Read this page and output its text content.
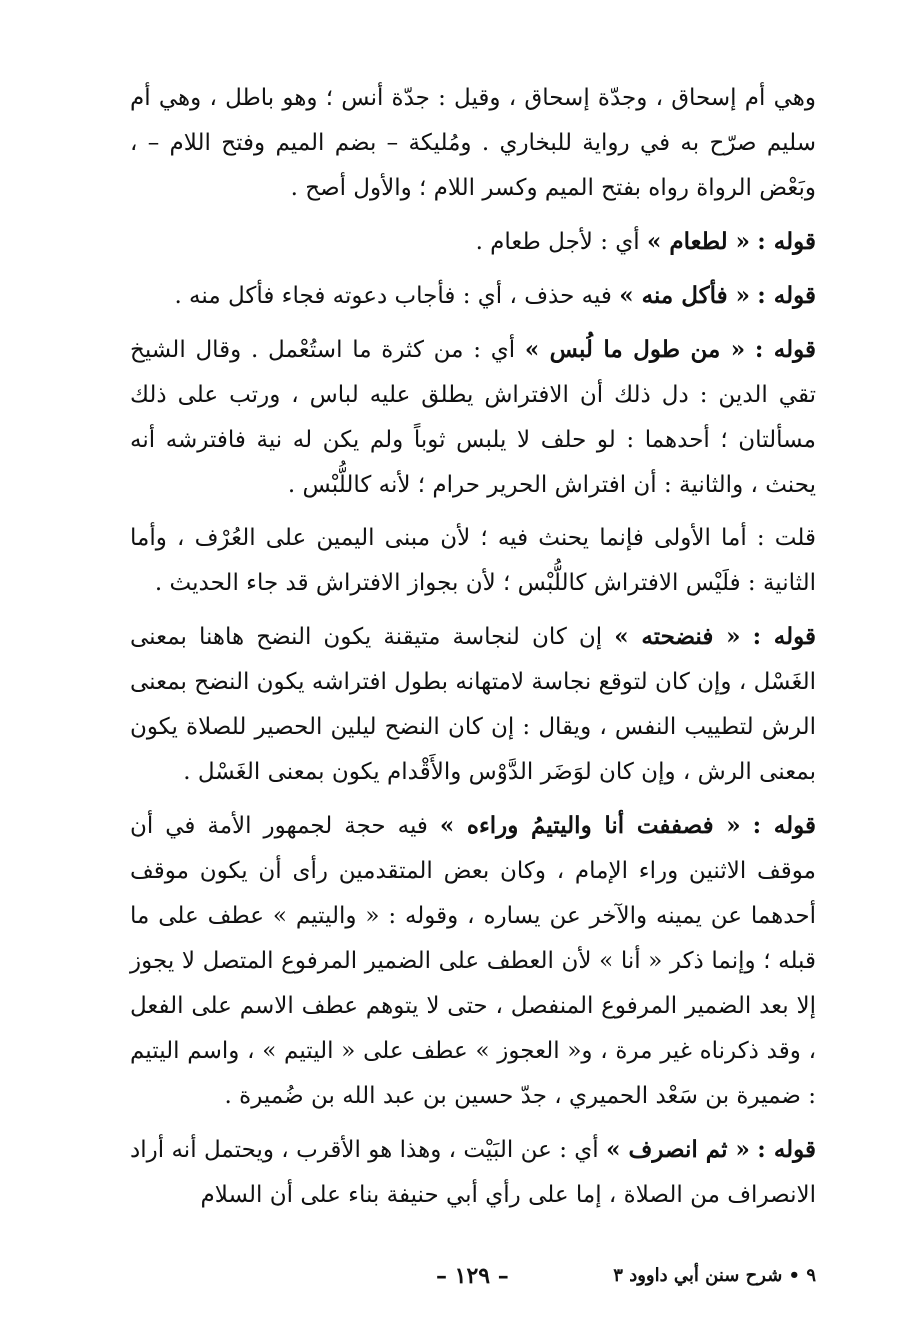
وهي أم إسحاق ، وجدّة إسحاق ، وقيل : جدّة أنس ؛ وهو باطل ، وهي أم سليم صرّح به في رواية للبخاري . ومُليكة – بضم الميم وفتح اللام – ، وبَعْض الرواة رواه بفتح الميم وكسر اللام ؛ والأول أصح .

قوله : « لطعام » أي : لأجل طعام .

قوله : « فأكل منه » فيه حذف ، أي : فأجاب دعوته فجاء فأكل منه .

قوله : « من طول ما لُبس » أي : من كثرة ما استُعْمل . وقال الشيخ تقي الدين : دل ذلك أن الافتراش يطلق عليه لباس ، ورتب على ذلك مسألتان ؛ أحدهما : لو حلف لا يلبس ثوباً ولم يكن له نية فافترشه أنه يحنث ، والثانية : أن افتراش الحرير حرام ؛ لأنه كاللُّبْس .

قلت : أما الأولى فإنما يحنث فيه ؛ لأن مبنى اليمين على العُرْف ، وأما الثانية : فلَيْس الافتراش كاللُّبْس ؛ لأن بجواز الافتراش قد جاء الحديث .

قوله : « فنضحته » إن كان لنجاسة متيقنة يكون النضح هاهنا بمعنى الغَسْل ، وإن كان لتوقع نجاسة لامتهانه بطول افتراشه يكون النضح بمعنى الرش لتطييب النفس ، ويقال : إن كان النضح ليلين الحصير للصلاة يكون بمعنى الرش ، وإن كان لوَضَر الدَّوْس والأَقْدام يكون بمعنى الغَسْل .

قوله : « فصففت أنا واليتيمُ وراءه » فيه حجة لجمهور الأمة في أن موقف الاثنين وراء الإمام ، وكان بعض المتقدمين رأى أن يكون موقف أحدهما عن يمينه والآخر عن يساره ، وقوله : « واليتيم » عطف على ما قبله ؛ وإنما ذكر « أنا » لأن العطف على الضمير المرفوع المتصل لا يجوز إلا بعد الضمير المرفوع المنفصل ، حتى لا يتوهم عطف الاسم على الفعل ، وقد ذكرناه غير مرة ، و« العجوز » عطف على « اليتيم » ، واسم اليتيم : ضميرة بن سَعْد الحميري ، جدّ حسين بن عبد الله بن ضُميرة .

قوله : « ثم انصرف » أي : عن البَيْت ، وهذا هو الأقرب ، ويحتمل أنه أراد الانصراف من الصلاة ، إما على رأي أبي حنيفة بناء على أن السلام

٩ • شرح سنن أبي داوود ٣
– ١٢٩ –
